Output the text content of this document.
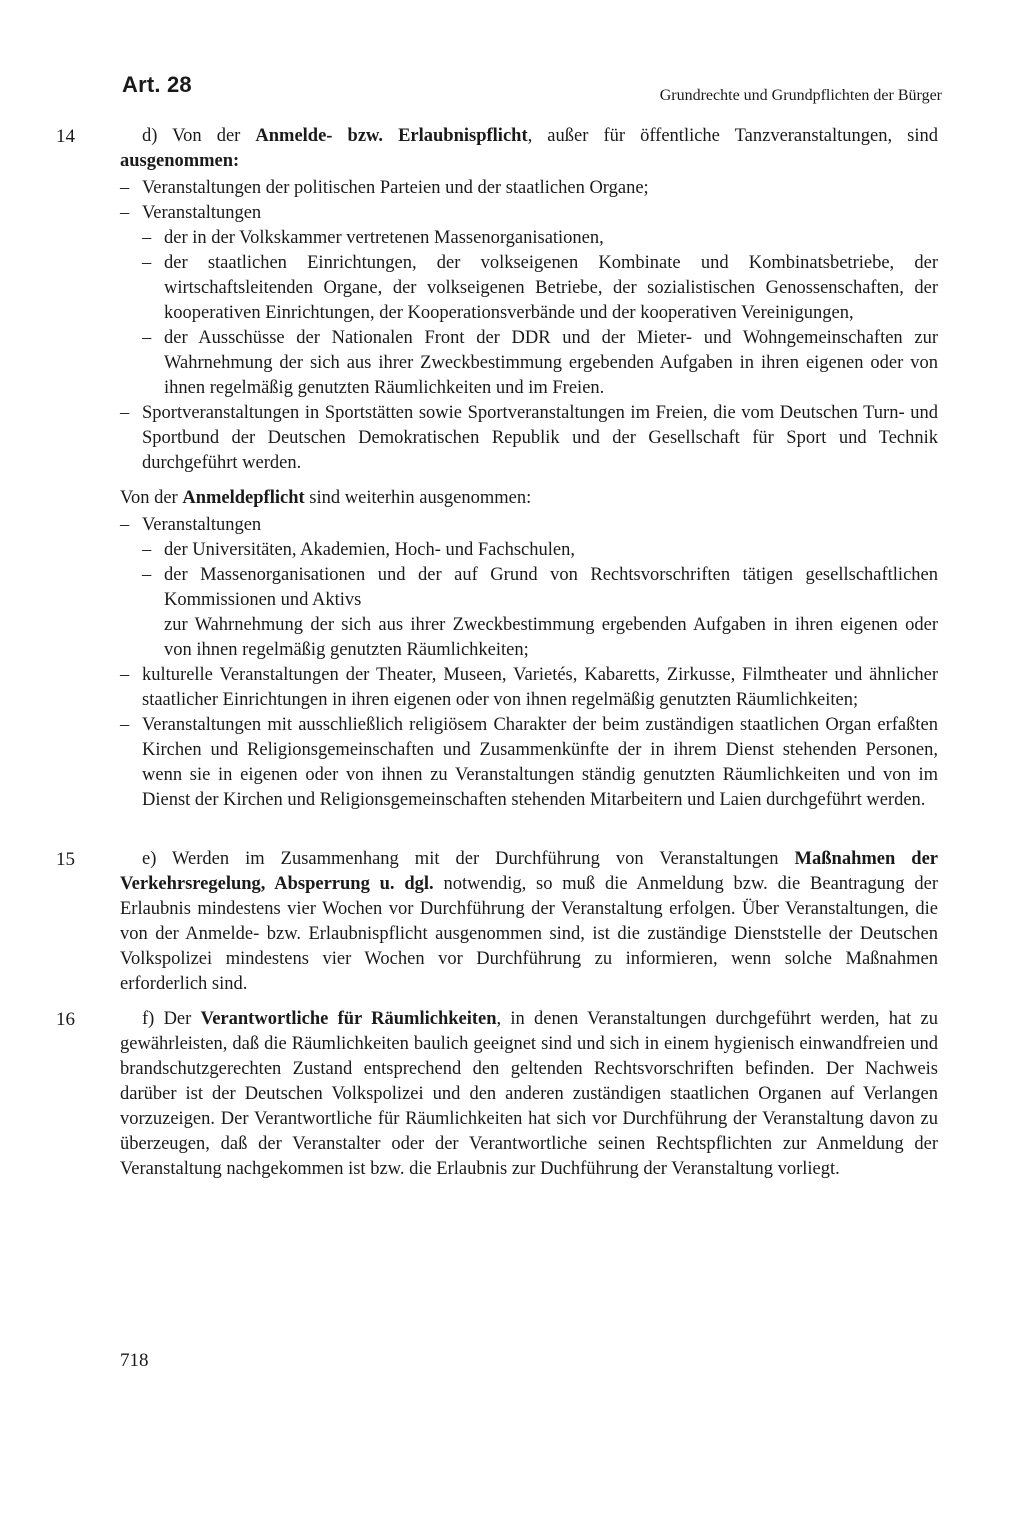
Art. 28	Grundrechte und Grundpflichten der Bürger

14	d) Von der Anmelde- bzw. Erlaubnispflicht, außer für öffentliche Tanzveranstaltungen, sind ausgenommen:

– Veranstaltungen der politischen Parteien und der staatlichen Organe;
– Veranstaltungen
– der in der Volkskammer vertretenen Massenorganisationen,
– der staatlichen Einrichtungen, der volkseigenen Kombinate und Kombinatsbetriebe, der wirtschaftsleitenden Organe, der volkseigenen Betriebe, der sozialistischen Genossenschaften, der kooperativen Einrichtungen, der Kooperationsverbände und der kooperativen Vereinigungen,
– der Ausschüsse der Nationalen Front der DDR und der Mieter- und Wohngemeinschaften zur Wahrnehmung der sich aus ihrer Zweckbestimmung ergebenden Aufgaben in ihren eigenen oder von ihnen regelmäßig genutzten Räumlichkeiten und im Freien.
– Sportveranstaltungen in Sportstätten sowie Sportveranstaltungen im Freien, die vom Deutschen Turn- und Sportbund der Deutschen Demokratischen Republik und der Gesellschaft für Sport und Technik durchgeführt werden.

Von der Anmeldepflicht sind weiterhin ausgenommen:

– Veranstaltungen
– der Universitäten, Akademien, Hoch- und Fachschulen,
– der Massenorganisationen und der auf Grund von Rechtsvorschriften tätigen gesellschaftlichen Kommissionen und Aktivs
zur Wahrnehmung der sich aus ihrer Zweckbestimmung ergebenden Aufgaben in ihren eigenen oder von ihnen regelmäßig genutzten Räumlichkeiten;
– kulturelle Veranstaltungen der Theater, Museen, Varietés, Kabaretts, Zirkusse, Filmtheater und ähnlicher staatlicher Einrichtungen in ihren eigenen oder von ihnen regelmäßig genutzten Räumlichkeiten;
– Veranstaltungen mit ausschließlich religiösem Charakter der beim zuständigen staatlichen Organ erfaßten Kirchen und Religionsgemeinschaften und Zusammenkünfte der in ihrem Dienst stehenden Personen, wenn sie in eigenen oder von ihnen zu Veranstaltungen ständig genutzten Räumlichkeiten und von im Dienst der Kirchen und Religionsgemeinschaften stehenden Mitarbeitern und Laien durchgeführt werden.

15	e) Werden im Zusammenhang mit der Durchführung von Veranstaltungen Maßnahmen der Verkehrsregelung, Absperrung u. dgl. notwendig, so muß die Anmeldung bzw. die Beantragung der Erlaubnis mindestens vier Wochen vor Durchführung der Veranstaltung erfolgen. Über Veranstaltungen, die von der Anmelde- bzw. Erlaubnispflicht ausgenommen sind, ist die zuständige Dienststelle der Deutschen Volkspolizei mindestens vier Wochen vor Durchführung zu informieren, wenn solche Maßnahmen erforderlich sind.

16	f) Der Verantwortliche für Räumlichkeiten, in denen Veranstaltungen durchgeführt werden, hat zu gewährleisten, daß die Räumlichkeiten baulich geeignet sind und sich in einem hygienisch einwandfreien und brandschutzgerechten Zustand entsprechend den geltenden Rechtsvorschriften befinden. Der Nachweis darüber ist der Deutschen Volkspolizei und den anderen zuständigen staatlichen Organen auf Verlangen vorzuzeigen. Der Verantwortliche für Räumlichkeiten hat sich vor Durchführung der Veranstaltung davon zu überzeugen, daß der Veranstalter oder der Verantwortliche seinen Rechtspflichten zur Anmeldung der Veranstaltung nachgekommen ist bzw. die Erlaubnis zur Duchführung der Veranstaltung vorliegt.

718
